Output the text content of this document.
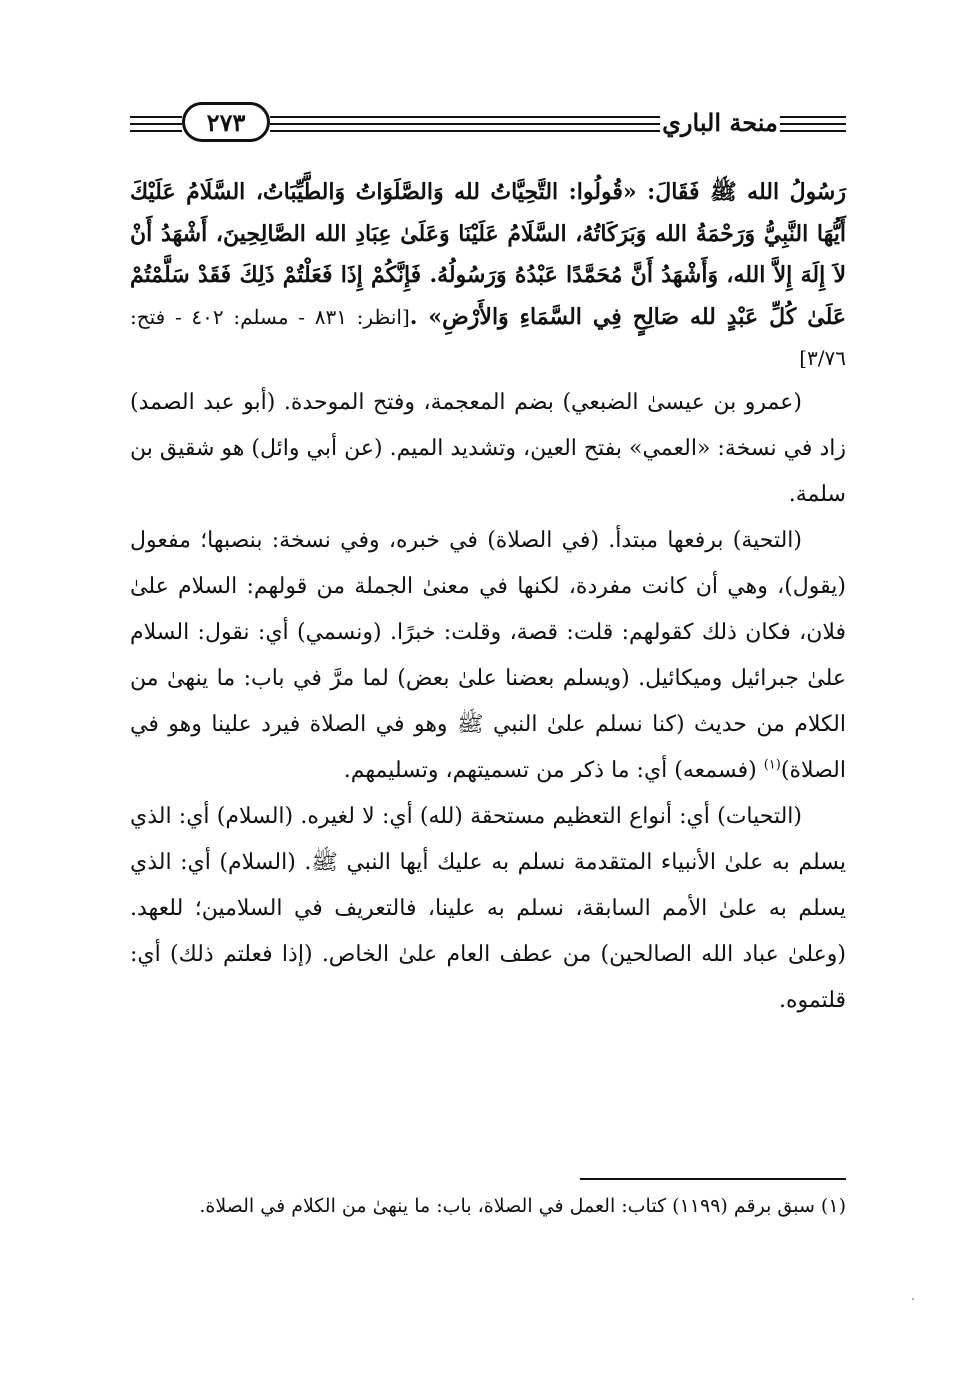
٢٧٣	منحة الباري

رَسُولُ الله ﷺ فَقَالَ: «قُولُوا: التَّحِيَّاتُ لله وَالصَّلَوَاتُ وَالطَّيِّبَاتُ، السَّلَامُ عَلَيْكَ أَيُّهَا النَّبِيُّ وَرَحْمَةُ الله وَبَرَكَاتُهُ، السَّلَامُ عَلَيْنَا وَعَلَىٰ عِبَادِ الله الصَّالِحِينَ، أَشْهَدُ أَنْ لاَ إِلَهَ إِلاَّ الله، وَأَشْهَدُ أَنَّ مُحَمَّدًا عَبْدُهُ وَرَسُولُهُ. فَإِنَّكُمْ إِذَا فَعَلْتُمْ ذَلِكَ فَقَدْ سَلَّمْتُمْ عَلَىٰ كُلِّ عَبْدٍ لله صَالِحٍ فِي السَّمَاءِ وَالأَرْضِ» .[انظر: ٨٣١ - مسلم: ٤٠٢ - فتح: ٣/٧٦]

(عمرو بن عيسىٰ الضبعي) بضم المعجمة، وفتح الموحدة. (أبو عبد الصمد) زاد في نسخة: «العمي» بفتح العين، وتشديد الميم. (عن أبي وائل) هو شقيق بن سلمة.

(التحية) برفعها مبتدأ. (في الصلاة) في خبره، وفي نسخة: بنصبها؛ مفعول (يقول)، وهي أن كانت مفردة، لكنها في معنىٰ الجملة من قولهم: السلام علىٰ فلان، فكان ذلك كقولهم: قلت: قصة، وقلت: خبرًا. (ونسمي) أي: نقول: السلام علىٰ جبرائيل وميكائيل. (ويسلم بعضنا علىٰ بعض) لما مرَّ في باب: ما ينهىٰ من الكلام من حديث (كنا نسلم علىٰ النبي ﷺ وهو في الصلاة فيرد علينا وهو في الصلاة)$^{(١)}$ (فسمعه) أي: ما ذكر من تسميتهم، وتسليمهم.

(التحيات) أي: أنواع التعظيم مستحقة (لله) أي: لا لغيره. (السلام) أي: الذي يسلم به علىٰ الأنبياء المتقدمة نسلم به عليك أيها النبي ﷺ. (السلام) أي: الذي يسلم به علىٰ الأمم السابقة، نسلم به علينا، فالتعريف في السلامين؛ للعهد. (وعلىٰ عباد الله الصالحين) من عطف العام علىٰ الخاص. (إذا فعلتم ذلك) أي: قلتموه.

(١) سبق برقم (١١٩٩) كتاب: العمل في الصلاة، باب: ما ينهىٰ من الكلام في الصلاة.
